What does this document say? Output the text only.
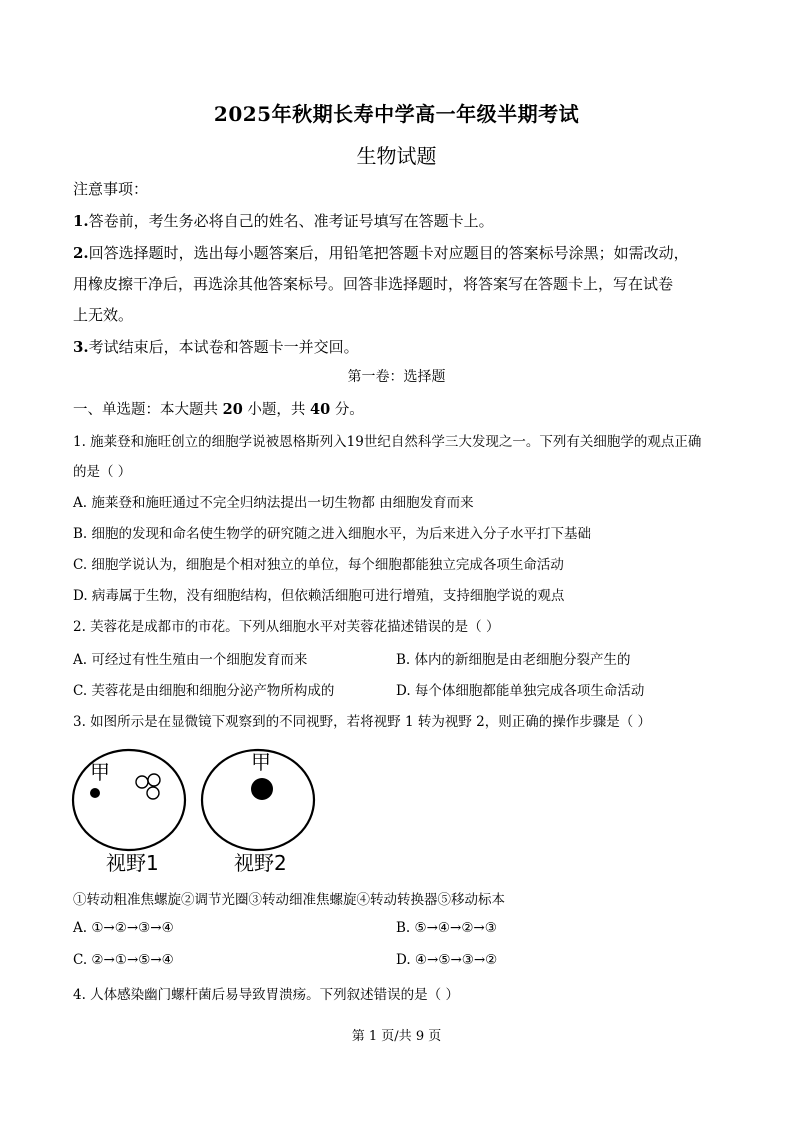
2025年秋期长寿中学高一年级半期考试
生物试题
注意事项：
1.答卷前，考生务必将自己的姓名、准考证号填写在答题卡上。
2.回答选择题时，选出每小题答案后，用铅笔把答题卡对应题目的答案标号涂黑；如需改动，
用橡皮擦干净后，再选涂其他答案标号。回答非选择题时，将答案写在答题卡上，写在试卷
上无效。
3.考试结束后，本试卷和答题卡一并交回。
第一卷：选择题
一、单选题：本大题共 20 小题，共 40 分。
1. 施莱登和施旺创立的细胞学说被恩格斯列入19世纪自然科学三大发现之一。下列有关细胞学的观点正确
的是（ ）
A. 施莱登和施旺通过不完全归纳法提出一切生物都 由细胞发育而来
B. 细胞的发现和命名使生物学的研究随之进入细胞水平，为后来进入分子水平打下基础
C. 细胞学说认为，细胞是个相对独立的单位，每个细胞都能独立完成各项生命活动
D. 病毒属于生物，没有细胞结构，但依赖活细胞可进行增殖，支持细胞学说的观点
2. 芙蓉花是成都市的市花。下列从细胞水平对芙蓉花描述错误的是（ ）
A. 可经过有性生殖由一个细胞发育而来	B. 体内的新细胞是由老细胞分裂产生的
C. 芙蓉花是由细胞和细胞分泌产物所构成的	D. 每个体细胞都能单独完成各项生命活动
3. 如图所示是在显微镜下观察到的不同视野，若将视野 1 转为视野 2，则正确的操作步骤是（ ）
甲	甲
视野1	视野2
①转动粗准焦螺旋②调节光圈③转动细准焦螺旋④转动转换器⑤移动标本
A. ①→②→③→④	B. ⑤→④→②→③
C. ②→①→⑤→④	D. ④→⑤→③→②
4. 人体感染幽门螺杆菌后易导致胃溃疡。下列叙述错误的是（ ）
第 1 页/共 9 页
